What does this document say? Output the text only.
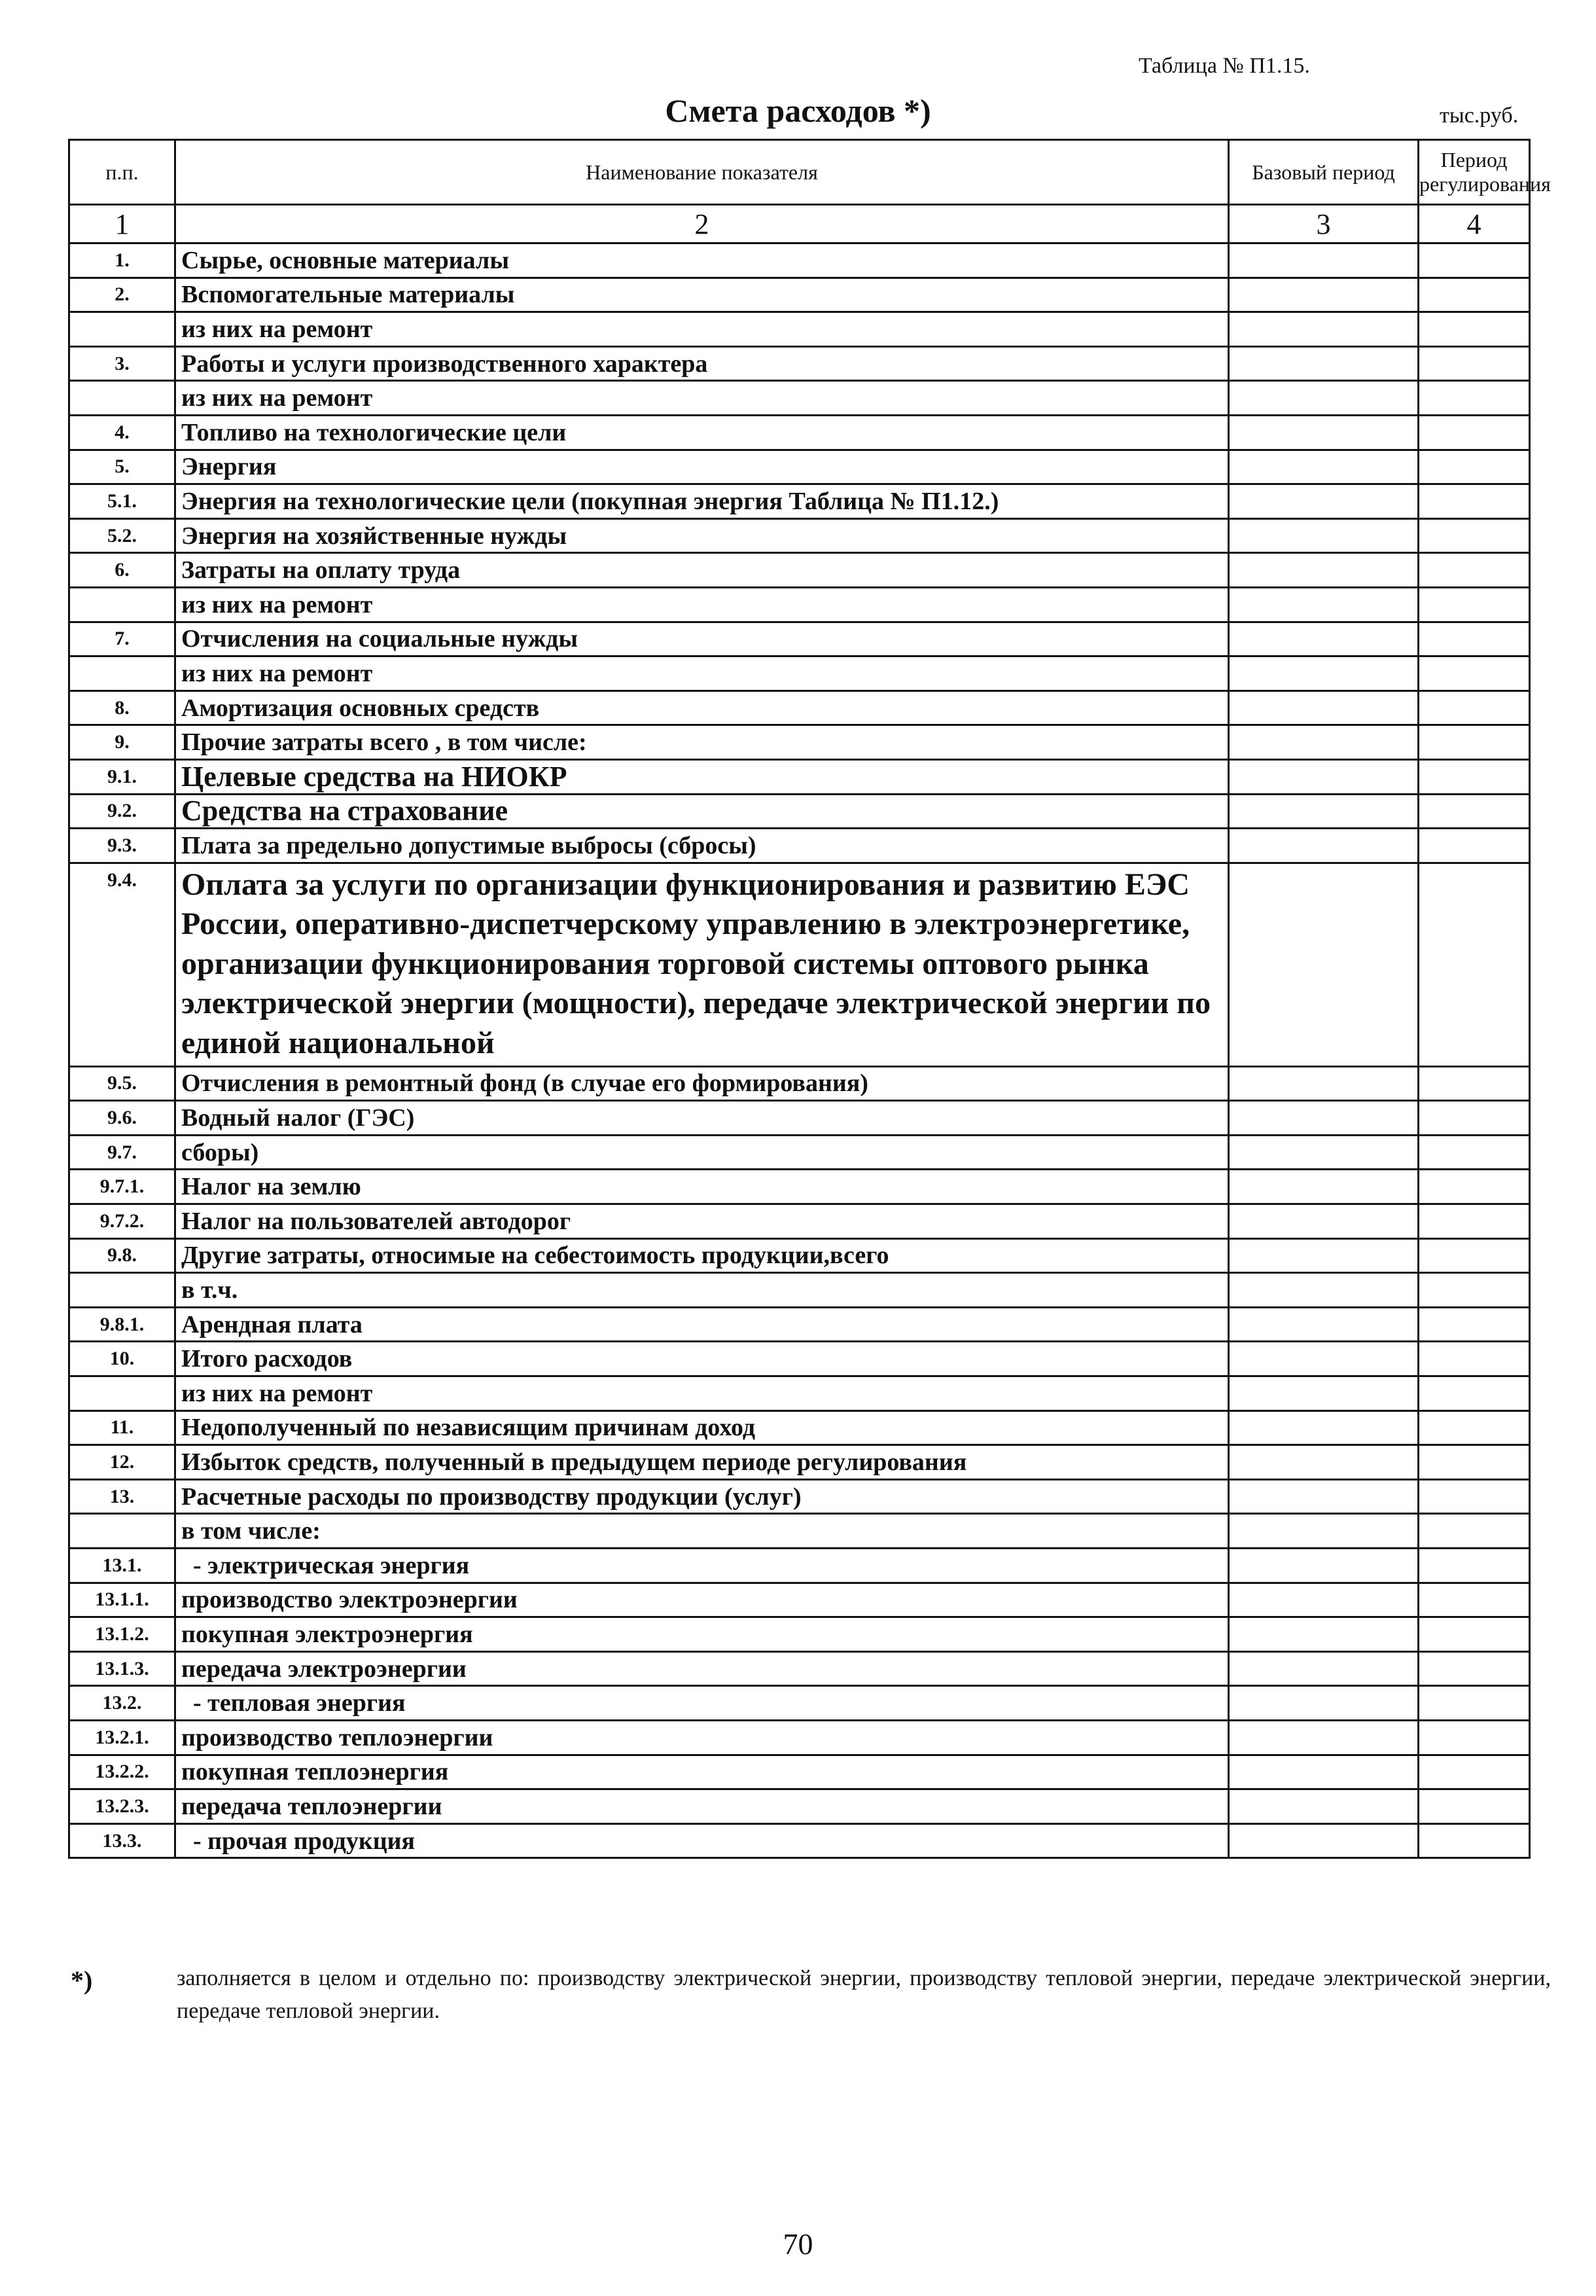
Таблица № П1.15.
Смета расходов *)	тыс.руб.
п.п.	Наименование показателя	Базовый период	Период регулирования
1	2	3	4
1.	Сырье, основные материалы		
2.	Вспомогательные материалы		
	из них на ремонт		
3.	Работы и услуги производственного характера		
	из них на ремонт		
4.	Топливо на технологические цели		
5.	Энергия		
5.1.	Энергия на технологические цели (покупная энергия Таблица № П1.12.)		
5.2.	Энергия на хозяйственные нужды		
6.	Затраты на оплату труда		
	из них на ремонт		
7.	Отчисления на социальные нужды		
	из них на ремонт		
8.	Амортизация основных средств		
9.	Прочие затраты всего , в том числе:		
9.1.	Целевые средства на НИОКР		
9.2.	Средства на страхование		
9.3.	Плата за предельно допустимые выбросы (сбросы)		
9.4.	Оплата за услуги по организации функционирования и развитию ЕЭС России, оперативно-диспетчерскому управлению в электроэнергетике, организации функционирования торговой системы оптового рынка электрической энергии (мощности), передаче электрической энергии по единой национальной		
9.5.	Отчисления в ремонтный фонд (в случае его формирования)		
9.6.	Водный налог (ГЭС)		
9.7.	сборы)		
9.7.1.	Налог на землю		
9.7.2.	Налог на пользователей автодорог		
9.8.	Другие затраты, относимые на себестоимость продукции,всего		
	в т.ч.		
9.8.1.	Арендная плата		
10.	Итого расходов		
	из них на ремонт		
11.	Недополученный по независящим причинам доход		
12.	Избыток средств, полученный в предыдущем периоде регулирования		
13.	Расчетные расходы по производству продукции (услуг)		
	в том числе:		
13.1.	- электрическая энергия		
13.1.1.	производство электроэнергии		
13.1.2.	покупная электроэнергия		
13.1.3.	передача электроэнергии		
13.2.	- тепловая энергия		
13.2.1.	производство теплоэнергии		
13.2.2.	покупная теплоэнергия		
13.2.3.	передача теплоэнергии		
13.3.	- прочая продукция		
*)	заполняется в целом и отдельно по: производству электрической энергии, производству тепловой энергии, передаче электрической энергии, передаче тепловой энергии.
70
